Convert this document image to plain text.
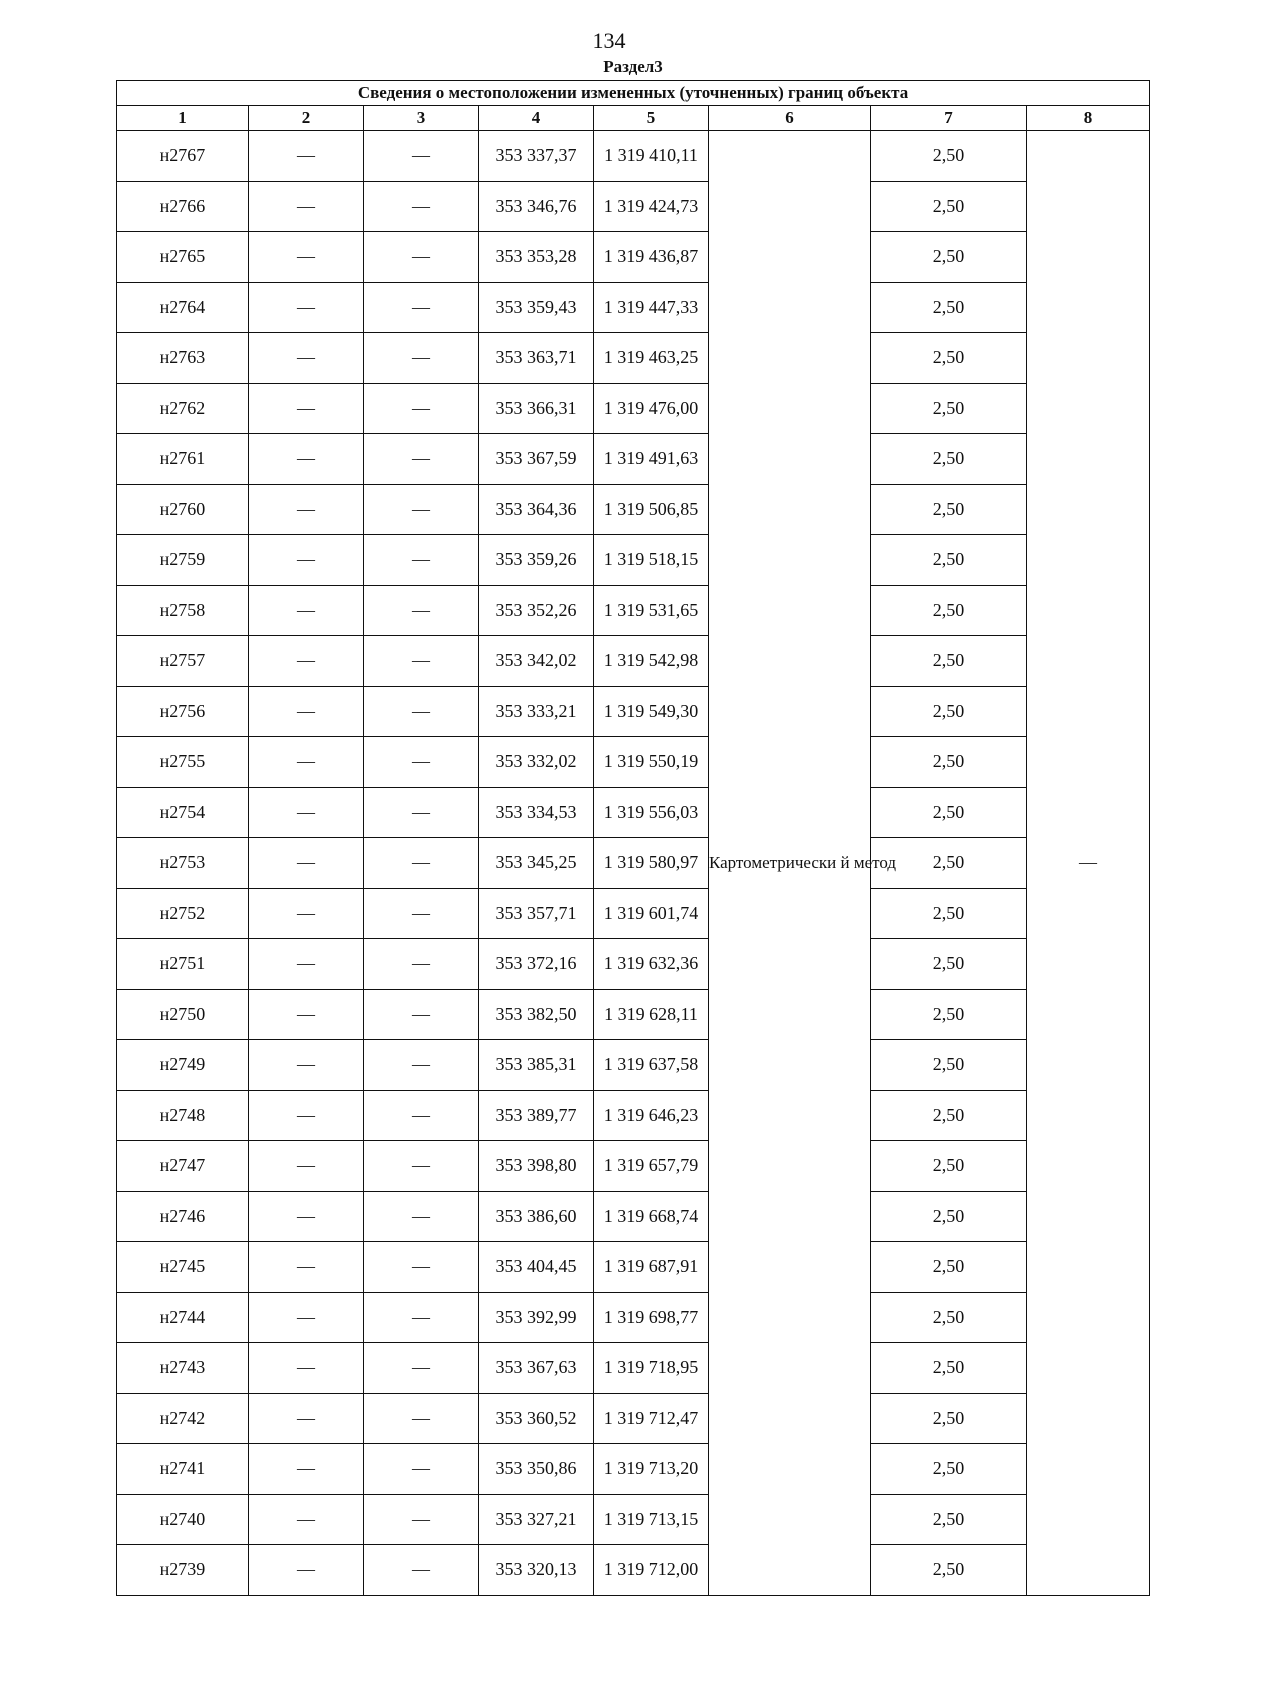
134
Раздел3
Сведения о местоположении измененных (уточненных) границ объекта							
1	2	3	4	5	6	7	8
н2767	—	—	353 337,37	1 319 410,11	Картометрически й метод	2,50	—
н2766	—	—	353 346,76	1 319 424,73		2,50	
н2765	—	—	353 353,28	1 319 436,87		2,50	
н2764	—	—	353 359,43	1 319 447,33		2,50	
н2763	—	—	353 363,71	1 319 463,25		2,50	
н2762	—	—	353 366,31	1 319 476,00		2,50	
н2761	—	—	353 367,59	1 319 491,63		2,50	
н2760	—	—	353 364,36	1 319 506,85		2,50	
н2759	—	—	353 359,26	1 319 518,15		2,50	
н2758	—	—	353 352,26	1 319 531,65		2,50	
н2757	—	—	353 342,02	1 319 542,98		2,50	
н2756	—	—	353 333,21	1 319 549,30		2,50	
н2755	—	—	353 332,02	1 319 550,19		2,50	
н2754	—	—	353 334,53	1 319 556,03		2,50	
н2753	—	—	353 345,25	1 319 580,97		2,50	
н2752	—	—	353 357,71	1 319 601,74		2,50	
н2751	—	—	353 372,16	1 319 632,36		2,50	
н2750	—	—	353 382,50	1 319 628,11		2,50	
н2749	—	—	353 385,31	1 319 637,58		2,50	
н2748	—	—	353 389,77	1 319 646,23		2,50	
н2747	—	—	353 398,80	1 319 657,79		2,50	
н2746	—	—	353 386,60	1 319 668,74		2,50	
н2745	—	—	353 404,45	1 319 687,91		2,50	
н2744	—	—	353 392,99	1 319 698,77		2,50	
н2743	—	—	353 367,63	1 319 718,95		2,50	
н2742	—	—	353 360,52	1 319 712,47		2,50	
н2741	—	—	353 350,86	1 319 713,20		2,50	
н2740	—	—	353 327,21	1 319 713,15		2,50	
н2739	—	—	353 320,13	1 319 712,00		2,50	
